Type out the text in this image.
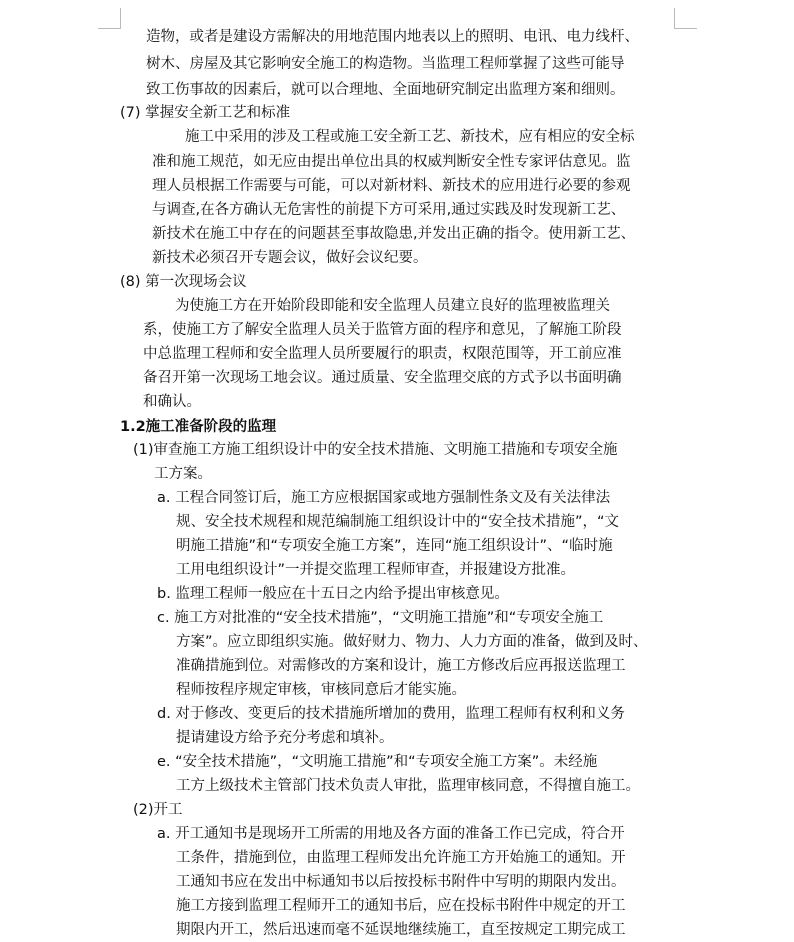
造物，或者是建设方需解决的用地范围内地表以上的照明、电讯、电力线杆、
树木、房屋及其它影响安全施工的构造物。当监理工程师掌握了这些可能导
致工伤事故的因素后，就可以合理地、全面地研究制定出监理方案和细则。
(7) 掌握安全新工艺和标准
施工中采用的涉及工程或施工安全新工艺、新技术，应有相应的安全标
准和施工规范，如无应由提出单位出具的权威判断安全性专家评估意见。监
理人员根据工作需要与可能，可以对新材料、新技术的应用进行必要的参观
与调查,在各方确认无危害性的前提下方可采用,通过实践及时发现新工艺、
新技术在施工中存在的问题甚至事故隐患,并发出正确的指令。使用新工艺、
新技术必须召开专题会议，做好会议纪要。
(8) 第一次现场会议
为使施工方在开始阶段即能和安全监理人员建立良好的监理被监理关
系，使施工方了解安全监理人员关于监管方面的程序和意见，了解施工阶段
中总监理工程师和安全监理人员所要履行的职责，权限范围等，开工前应准
备召开第一次现场工地会议。通过质量、安全监理交底的方式予以书面明确
和确认。
1.2施工准备阶段的监理
(1)审查施工方施工组织设计中的安全技术措施、文明施工措施和专项安全施
工方案。
a. 工程合同签订后，施工方应根据国家或地方强制性条文及有关法律法
规、安全技术规程和规范编制施工组织设计中的“安全技术措施”，“文
明施工措施”和“专项安全施工方案”，连同“施工组织设计”、“临时施
工用电组织设计”一并提交监理工程师审查，并报建设方批准。
b. 监理工程师一般应在十五日之内给予提出审核意见。
c. 施工方对批准的“安全技术措施”，“文明施工措施”和“专项安全施工
方案”。应立即组织实施。做好财力、物力、人力方面的准备，做到及时、
准确措施到位。对需修改的方案和设计，施工方修改后应再报送监理工
程师按程序规定审核，审核同意后才能实施。
d. 对于修改、变更后的技术措施所增加的费用，监理工程师有权利和义务
提请建设方给予充分考虑和填补。
e. “安全技术措施”，“文明施工措施”和“专项安全施工方案”。未经施
工方上级技术主管部门技术负责人审批，监理审核同意，不得擅自施工。
(2)开工
a. 开工通知书是现场开工所需的用地及各方面的准备工作已完成，符合开
工条件，措施到位，由监理工程师发出允许施工方开始施工的通知。开
工通知书应在发出中标通知书以后按投标书附件中写明的期限内发出。
施工方接到监理工程师开工的通知书后，应在投标书附件中规定的开工
期限内开工，然后迅速而毫不延误地继续施工，直至按规定工期完成工
